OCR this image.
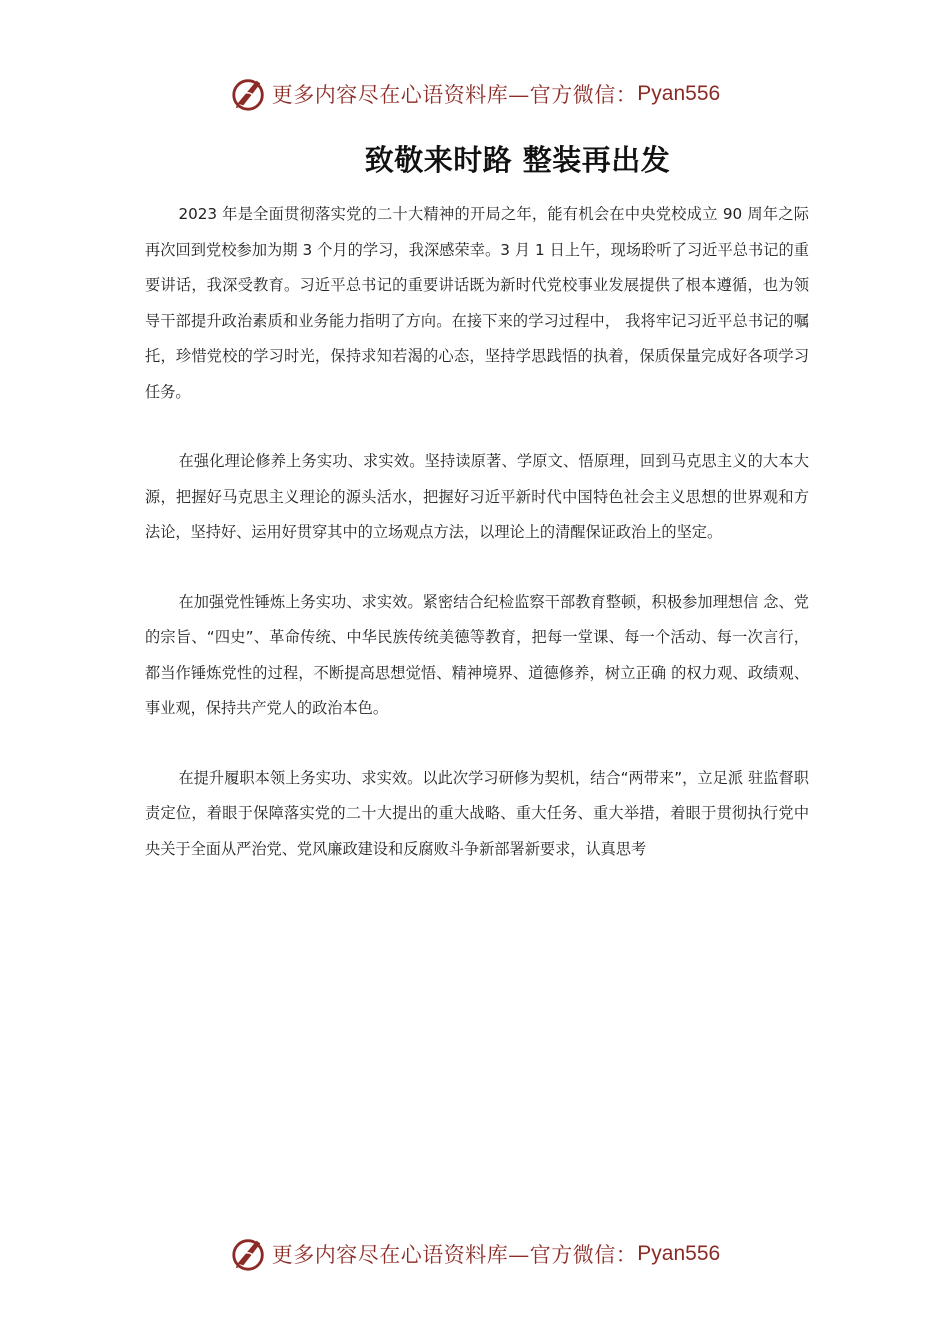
更多内容尽在心语资料库—官方微信： Pyan556
致敬来时路 整装再出发

2023 年是全面贯彻落实党的二十大精神的开局之年，能有机会在中央党校成立 90 周年之际再次回到党校参加为期 3 个月的学习，我深感荣幸。3 月 1 日上午，现场聆听了习近平总书记的重要讲话，我深受教育。习近平总书记的重要讲话既为新时代党校事业发展提供了根本遵循，也为领导干部提升政治素质和业务能力指明了方向。在接下来的学习过程中， 我将牢记习近平总书记的嘱托，珍惜党校的学习时光，保持求知若渴的心态，坚持学思践悟的执着，保质保量完成好各项学习任务。

在强化理论修养上务实功、求实效。坚持读原著、学原文、悟原理，回到马克思主义的大本大源，把握好马克思主义理论的源头活水，把握好习近平新时代中国特色社会主义思想的世界观和方法论，坚持好、运用好贯穿其中的立场观点方法，以理论上的清醒保证政治上的坚定。

在加强党性锤炼上务实功、求实效。紧密结合纪检监察干部教育整顿，积极参加理想信 念、党的宗旨、“四史”、革命传统、中华民族传统美德等教育，把每一堂课、每一个活动、每一次言行，都当作锤炼党性的过程，不断提高思想觉悟、精神境界、道德修养，树立正确 的权力观、政绩观、事业观，保持共产党人的政治本色。

在提升履职本领上务实功、求实效。以此次学习研修为契机，结合“两带来”，立足派 驻监督职责定位，着眼于保障落实党的二十大提出的重大战略、重大任务、重大举措，着眼于贯彻执行党中央关于全面从严治党、党风廉政建设和反腐败斗争新部署新要求，认真思考

更多内容尽在心语资料库—官方微信： Pyan556
